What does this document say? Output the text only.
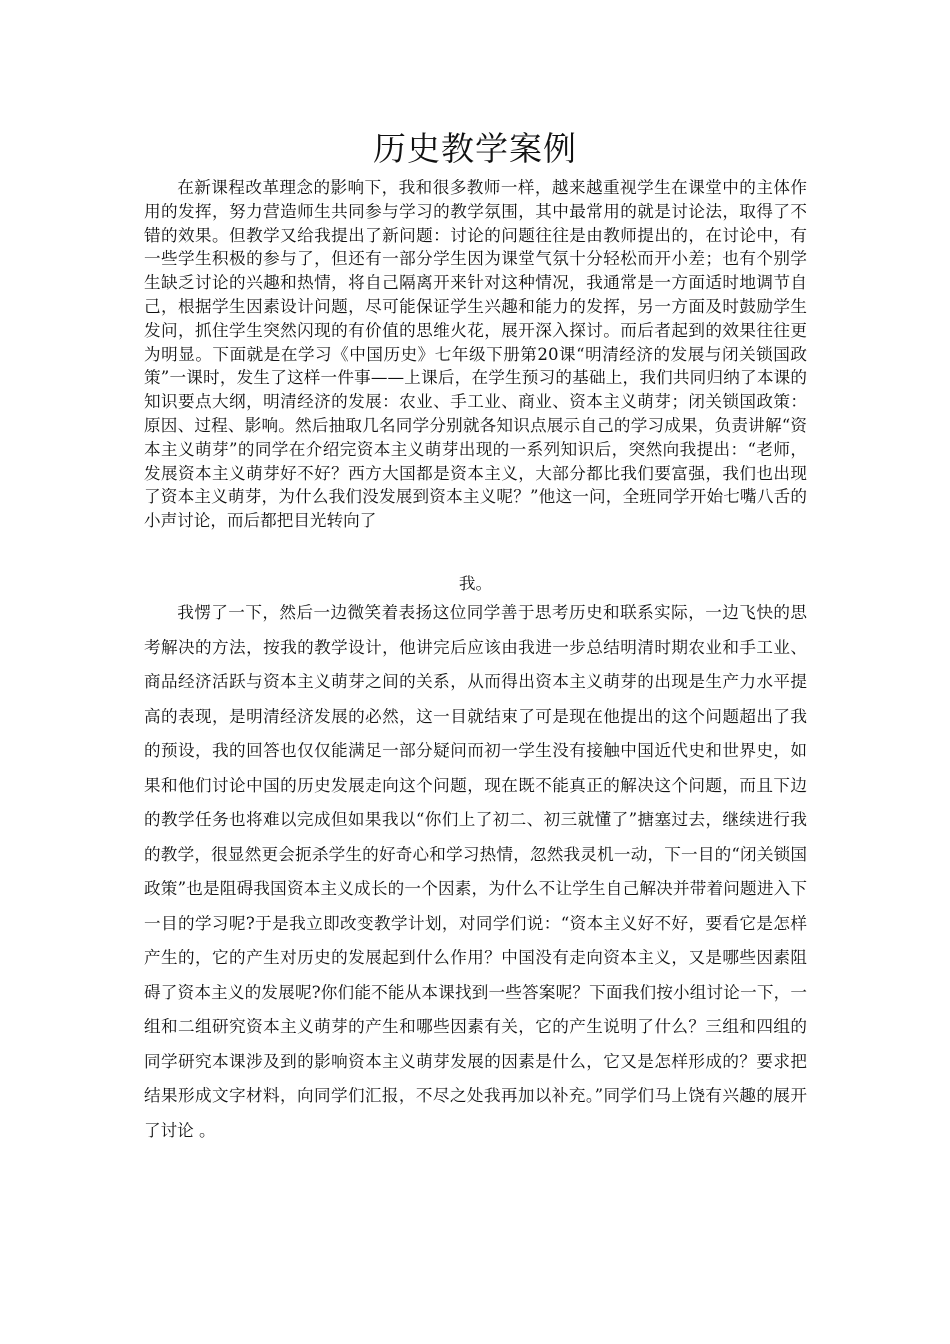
历史教学案例

在新课程改革理念的影响下，我和很多教师一样，越来越重视学生在课堂中的主体作用的发挥，努力营造师生共同参与学习的教学氛围，其中最常用的就是讨论法，取得了不错的效果。但教学又给我提出了新问题：讨论的问题往往是由教师提出的，在讨论中，有一些学生积极的参与了，但还有一部分学生因为课堂气氛十分轻松而开小差；也有个别学生缺乏讨论的兴趣和热情，将自己隔离开来针对这种情况，我通常是一方面适时地调节自己，根据学生因素设计问题，尽可能保证学生兴趣和能力的发挥，另一方面及时鼓励学生发问，抓住学生突然闪现的有价值的思维火花，展开深入探讨。而后者起到的效果往往更为明显。下面就是在学习《中国历史》七年级下册第20课“明清经济的发展与闭关锁国政策”一课时，发生了这样一件事——上课后，在学生预习的基础上，我们共同归纳了本课的知识要点大纲，明清经济的发展：农业、手工业、商业、资本主义萌芽；闭关锁国政策：原因、过程、影响。然后抽取几名同学分别就各知识点展示自己的学习成果，负责讲解“资本主义萌芽”的同学在介绍完资本主义萌芽出现的一系列知识后，突然向我提出：“老师，发展资本主义萌芽好不好？西方大国都是资本主义，大部分都比我们要富强，我们也出现了资本主义萌芽，为什么我们没发展到资本主义呢？”他这一问，全班同学开始七嘴八舌的小声讨论，而后都把目光转向了

我。

我愣了一下，然后一边微笑着表扬这位同学善于思考历史和联系实际，一边飞快的思考解决的方法，按我的教学设计，他讲完后应该由我进一步总结明清时期农业和手工业、商品经济活跃与资本主义萌芽之间的关系，从而得出资本主义萌芽的出现是生产力水平提高的表现，是明清经济发展的必然，这一目就结束了可是现在他提出的这个问题超出了我的预设，我的回答也仅仅能满足一部分疑问而初一学生没有接触中国近代史和世界史，如果和他们讨论中国的历史发展走向这个问题，现在既不能真正的解决这个问题，而且下边的教学任务也将难以完成但如果我以“你们上了初二、初三就懂了”搪塞过去，继续进行我的教学，很显然更会扼杀学生的好奇心和学习热情，忽然我灵机一动，下一目的“闭关锁国政策”也是阻碍我国资本主义成长的一个因素，为什么不让学生自己解决并带着问题进入下一目的学习呢?于是我立即改变教学计划，对同学们说：“资本主义好不好，要看它是怎样产生的，它的产生对历史的发展起到什么作用？中国没有走向资本主义，又是哪些因素阻碍了资本主义的发展呢?你们能不能从本课找到一些答案呢？下面我们按小组讨论一下，一组和二组研究资本主义萌芽的产生和哪些因素有关，它的产生说明了什么？三组和四组的同学研究本课涉及到的影响资本主义萌芽发展的因素是什么，它又是怎样形成的？要求把结果形成文字材料，向同学们汇报，不尽之处我再加以补充。”同学们马上饶有兴趣的展开了讨论 。
